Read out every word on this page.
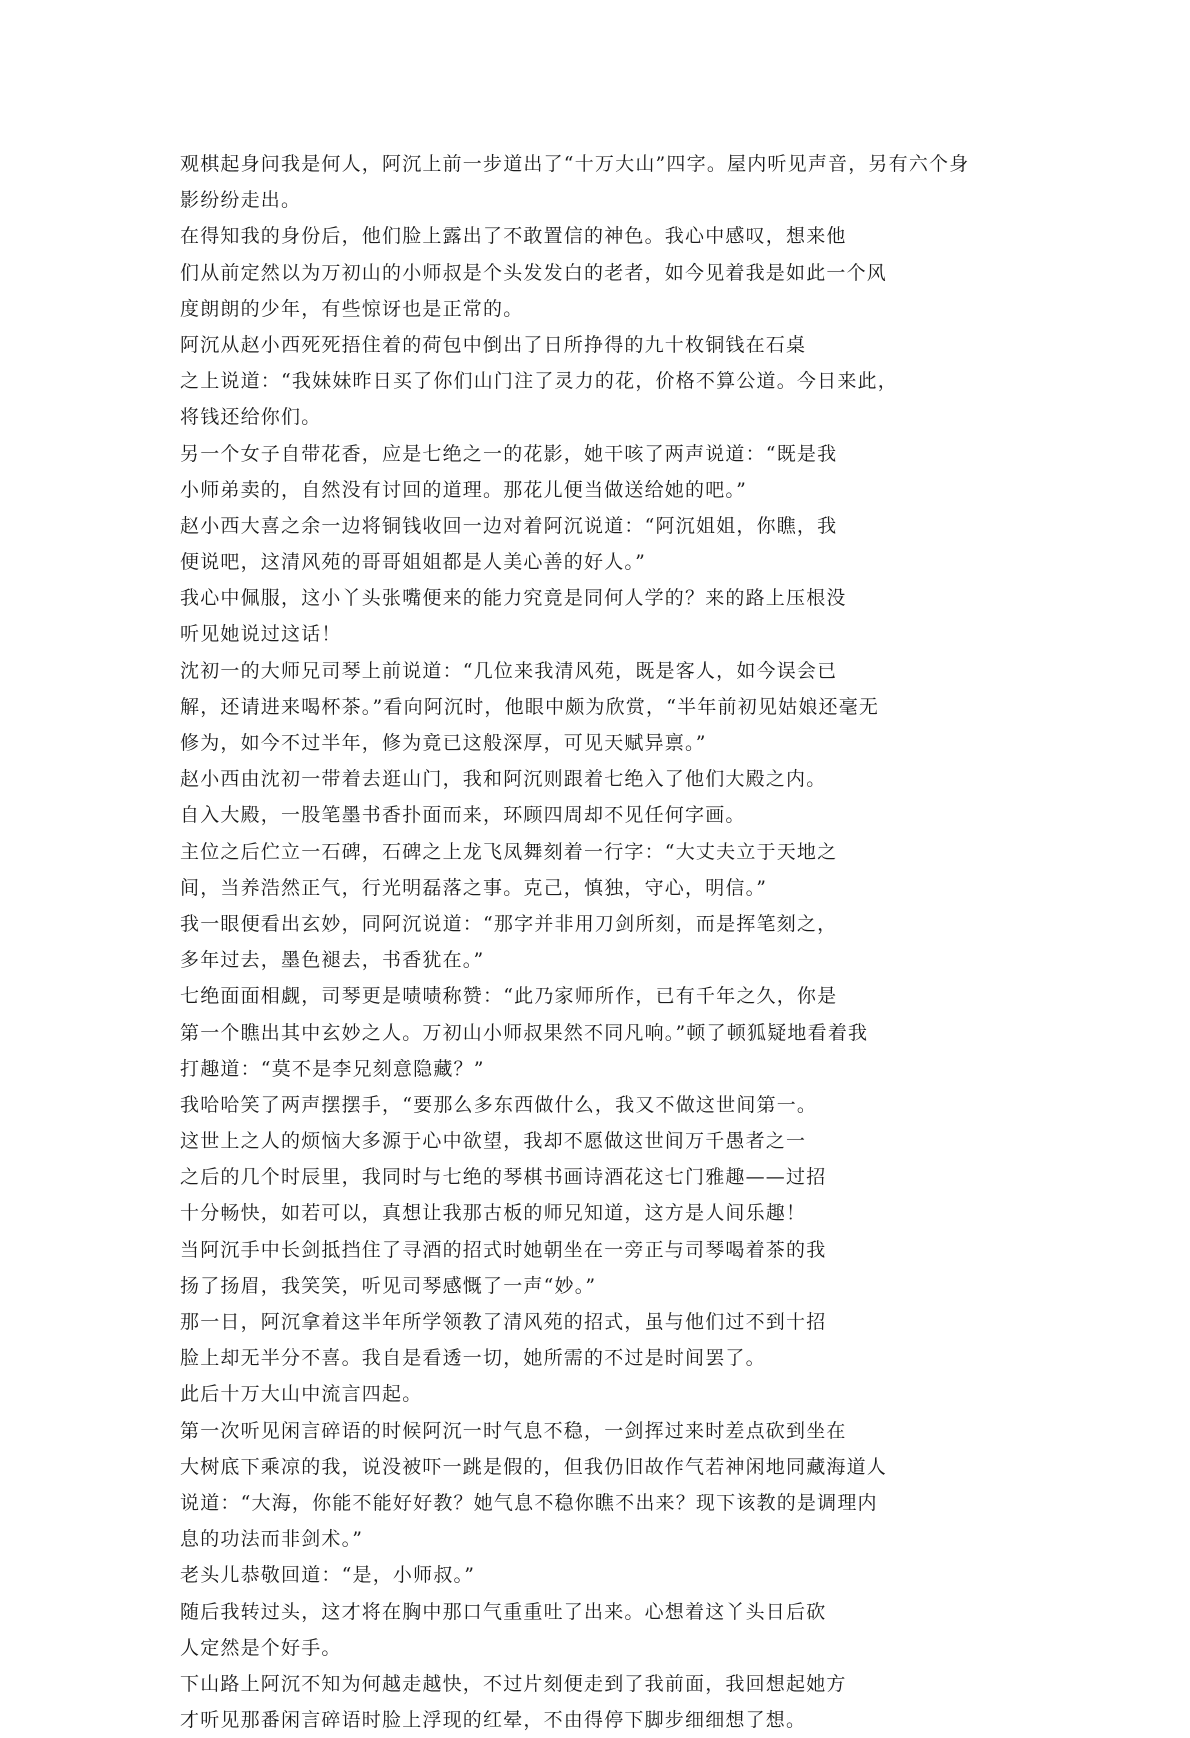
观棋起身问我是何人，阿沉上前一步道出了“十万大山”四字。屋内听见声音，另有六个身

影纷纷走出。

在得知我的身份后，他们脸上露出了不敢置信的神色。我心中感叹，想来他

们从前定然以为万初山的小师叔是个头发发白的老者，如今见着我是如此一个风

度朗朗的少年，有些惊讶也是正常的。

阿沉从赵小西死死捂住着的荷包中倒出了日所挣得的九十枚铜钱在石桌

之上说道：“我妹妹昨日买了你们山门注了灵力的花，价格不算公道。今日来此，

将钱还给你们。

另一个女子自带花香，应是七绝之一的花影，她干咳了两声说道：“既是我

小师弟卖的，自然没有讨回的道理。那花儿便当做送给她的吧。”

赵小西大喜之余一边将铜钱收回一边对着阿沉说道：“阿沉姐姐，你瞧，我

便说吧，这清风苑的哥哥姐姐都是人美心善的好人。”

我心中佩服，这小丫头张嘴便来的能力究竟是同何人学的？来的路上压根没

听见她说过这话！

沈初一的大师兄司琴上前说道：“几位来我清风苑，既是客人，如今误会已

解，还请进来喝杯茶。”看向阿沉时，他眼中颇为欣赏，“半年前初见姑娘还毫无

修为，如今不过半年，修为竟已这般深厚，可见天赋异禀。”

赵小西由沈初一带着去逛山门，我和阿沉则跟着七绝入了他们大殿之内。

自入大殿，一股笔墨书香扑面而来，环顾四周却不见任何字画。

主位之后伫立一石碑，石碑之上龙飞凤舞刻着一行字：“大丈夫立于天地之

间，当养浩然正气，行光明磊落之事。克己，慎独，守心，明信。”

我一眼便看出玄妙，同阿沉说道：“那字并非用刀剑所刻，而是挥笔刻之，

多年过去，墨色褪去，书香犹在。”

七绝面面相觑，司琴更是啧啧称赞：“此乃家师所作，已有千年之久，你是

第一个瞧出其中玄妙之人。万初山小师叔果然不同凡响。”顿了顿狐疑地看着我

打趣道：“莫不是李兄刻意隐藏？”

我哈哈笑了两声摆摆手，“要那么多东西做什么，我又不做这世间第一。

这世上之人的烦恼大多源于心中欲望，我却不愿做这世间万千愚者之一

之后的几个时辰里，我同时与七绝的琴棋书画诗酒花这七门雅趣——过招

十分畅快，如若可以，真想让我那古板的师兄知道，这方是人间乐趣！

当阿沉手中长剑抵挡住了寻酒的招式时她朝坐在一旁正与司琴喝着茶的我

扬了扬眉，我笑笑，听见司琴感慨了一声“妙。”

那一日，阿沉拿着这半年所学领教了清风苑的招式，虽与他们过不到十招

脸上却无半分不喜。我自是看透一切，她所需的不过是时间罢了。

此后十万大山中流言四起。

第一次听见闲言碎语的时候阿沉一时气息不稳，一剑挥过来时差点砍到坐在

大树底下乘凉的我，说没被吓一跳是假的，但我仍旧故作气若神闲地同藏海道人

说道：“大海，你能不能好好教？她气息不稳你瞧不出来？现下该教的是调理内

息的功法而非剑术。”

老头儿恭敬回道：“是，小师叔。”

随后我转过头，这才将在胸中那口气重重吐了出来。心想着这丫头日后砍

人定然是个好手。

下山路上阿沉不知为何越走越快，不过片刻便走到了我前面，我回想起她方

才听见那番闲言碎语时脸上浮现的红晕，不由得停下脚步细细想了想。
